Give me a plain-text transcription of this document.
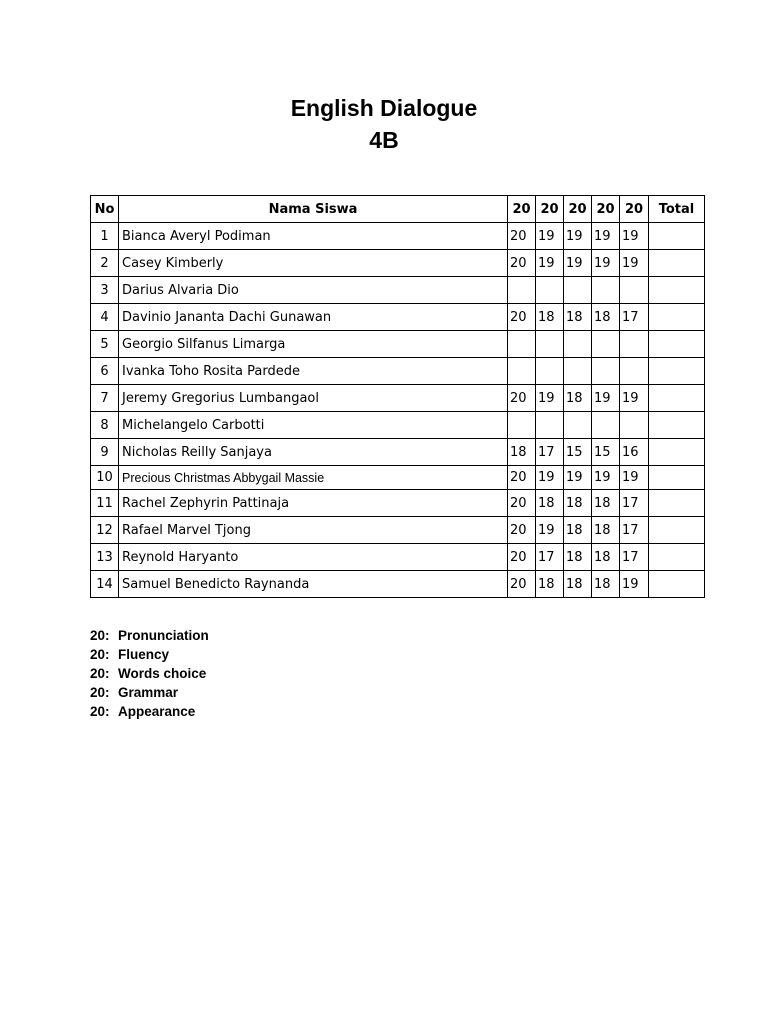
English Dialogue
4B
No	Nama Siswa	20	20	20	20	20	Total
1	Bianca Averyl Podiman	20	19	19	19	19	
2	Casey Kimberly	20	19	19	19	19	
3	Darius Alvaria Dio						
4	Davinio Jananta Dachi Gunawan	20	18	18	18	17	
5	Georgio Silfanus Limarga						
6	Ivanka Toho Rosita Pardede						
7	Jeremy Gregorius Lumbangaol	20	19	18	19	19	
8	Michelangelo Carbotti						
9	Nicholas Reilly Sanjaya	18	17	15	15	16	
10	Precious Christmas Abbygail Massie	20	19	19	19	19	
11	Rachel Zephyrin Pattinaja	20	18	18	18	17	
12	Rafael Marvel Tjong	20	19	18	18	17	
13	Reynold Haryanto	20	17	18	18	17	
14	Samuel Benedicto Raynanda	20	18	18	18	19	
20: Pronunciation
20: Fluency
20: Words choice
20: Grammar
20: Appearance
